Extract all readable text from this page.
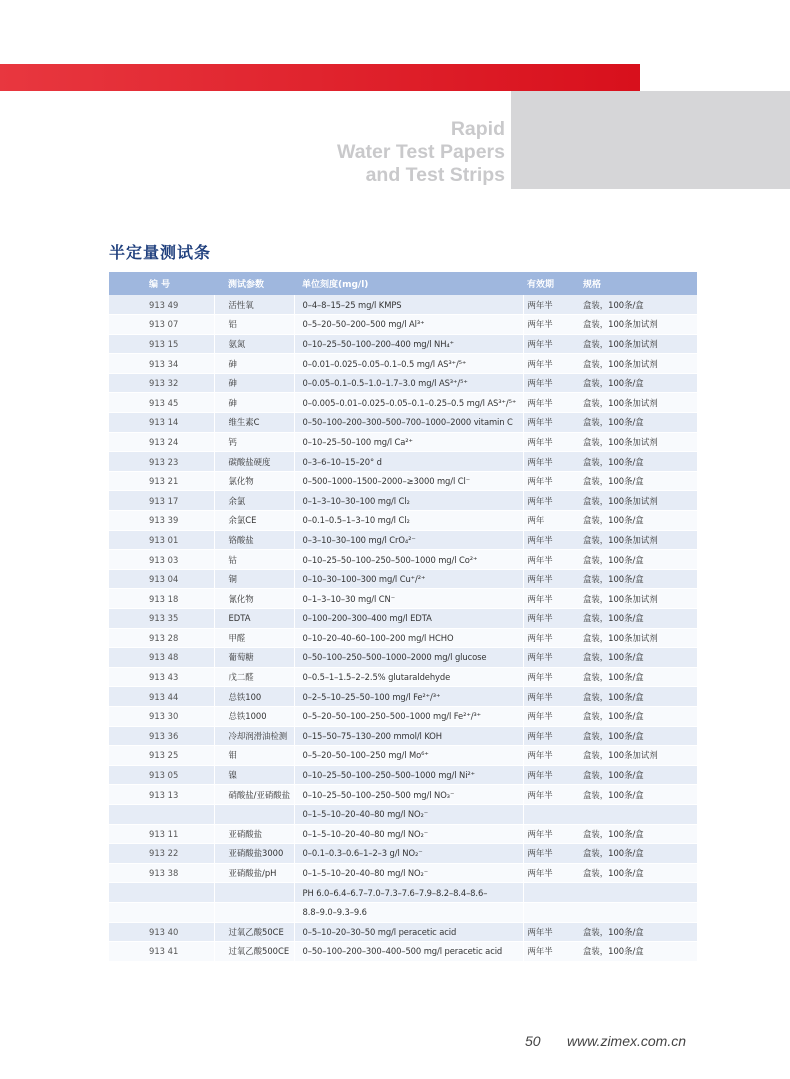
Rapid
Water Test Papers
and Test Strips
半定量测试条
编 号	测试参数	单位刻度(mg/l)	有效期	规格
913 49	活性氧	0–4–8–15–25 mg/l KMPS	两年半	盒装，100条/盒
913 07	铝	0–5–20–50–200–500 mg/l Al³⁺	两年半	盒装，100条加试剂
913 15	氨氮	0–10–25–50–100–200–400 mg/l NH₄⁺	两年半	盒装，100条加试剂
913 34	砷	0–0.01–0.025–0.05–0.1–0.5 mg/l AS³⁺/⁵⁺	两年半	盒装，100条加试剂
913 32	砷	0–0.05–0.1–0.5–1.0–1.7–3.0 mg/l AS³⁺/⁵⁺	两年半	盒装，100条/盒
913 45	砷	0–0.005–0.01–0.025–0.05–0.1–0.25–0.5 mg/l AS³⁺/⁵⁺	两年半	盒装，100条加试剂
913 14	维生素C	0–50–100–200–300–500–700–1000–2000 vitamin C	两年半	盒装，100条/盒
913 24	钙	0–10–25–50–100 mg/l Ca²⁺	两年半	盒装，100条加试剂
913 23	碳酸盐硬度	0–3–6–10–15–20° d	两年半	盒装，100条/盒
913 21	氯化物	0–500–1000–1500–2000–≥3000 mg/l Cl⁻	两年半	盒装，100条/盒
913 17	余氯	0–1–3–10–30–100 mg/l Cl₂	两年半	盒装，100条加试剂
913 39	余氯CE	0–0.1–0.5–1–3–10 mg/l Cl₂	两年	盒装，100条/盒
913 01	铬酸盐	0–3–10–30–100 mg/l CrO₄²⁻	两年半	盒装，100条加试剂
913 03	钴	0–10–25–50–100–250–500–1000 mg/l Co²⁺	两年半	盒装，100条/盒
913 04	铜	0–10–30–100–300 mg/l Cu⁺/²⁺	两年半	盒装，100条/盒
913 18	氰化物	0–1–3–10–30 mg/l CN⁻	两年半	盒装，100条加试剂
913 35	EDTA	0–100–200–300–400 mg/l EDTA	两年半	盒装，100条/盒
913 28	甲醛	0–10–20–40–60–100–200 mg/l HCHO	两年半	盒装，100条加试剂
913 48	葡萄糖	0–50–100–250–500–1000–2000 mg/l glucose	两年半	盒装，100条/盒
913 43	戊二醛	0–0.5–1–1.5–2–2.5% glutaraldehyde	两年半	盒装，100条/盒
913 44	总铁100	0–2–5–10–25–50–100 mg/l Fe²⁺/³⁺	两年半	盒装，100条/盒
913 30	总铁1000	0–5–20–50–100–250–500–1000 mg/l Fe²⁺/³⁺	两年半	盒装，100条/盒
913 36	冷却润滑油检测	0–15–50–75–130–200 mmol/l KOH	两年半	盒装，100条/盒
913 25	钼	0–5–20–50–100–250 mg/l Mo⁶⁺	两年半	盒装，100条加试剂
913 05	镍	0–10–25–50–100–250–500–1000 mg/l Ni²⁺	两年半	盒装，100条/盒
913 13	硝酸盐/亚硝酸盐	0–10–25–50–100–250–500 mg/l NO₃⁻	两年半	盒装，100条/盒
		0–1–5–10–20–40–80 mg/l NO₂⁻		
913 11	亚硝酸盐	0–1–5–10–20–40–80 mg/l NO₂⁻	两年半	盒装，100条/盒
913 22	亚硝酸盐3000	0–0.1–0.3–0.6–1–2–3 g/l NO₂⁻	两年半	盒装，100条/盒
913 38	亚硝酸盐/pH	0–1–5–10–20–40–80 mg/l NO₂⁻	两年半	盒装，100条/盒
		PH 6.0–6.4–6.7–7.0–7.3–7.6–7.9–8.2–8.4–8.6–		
		8.8–9.0–9.3–9.6		
913 40	过氧乙酸50CE	0–5–10–20–30–50 mg/l peracetic acid	两年半	盒装，100条/盒
913 41	过氧乙酸500CE	0–50–100–200–300–400–500 mg/l peracetic acid	两年半	盒装，100条/盒
50 www.zimex.com.cn
